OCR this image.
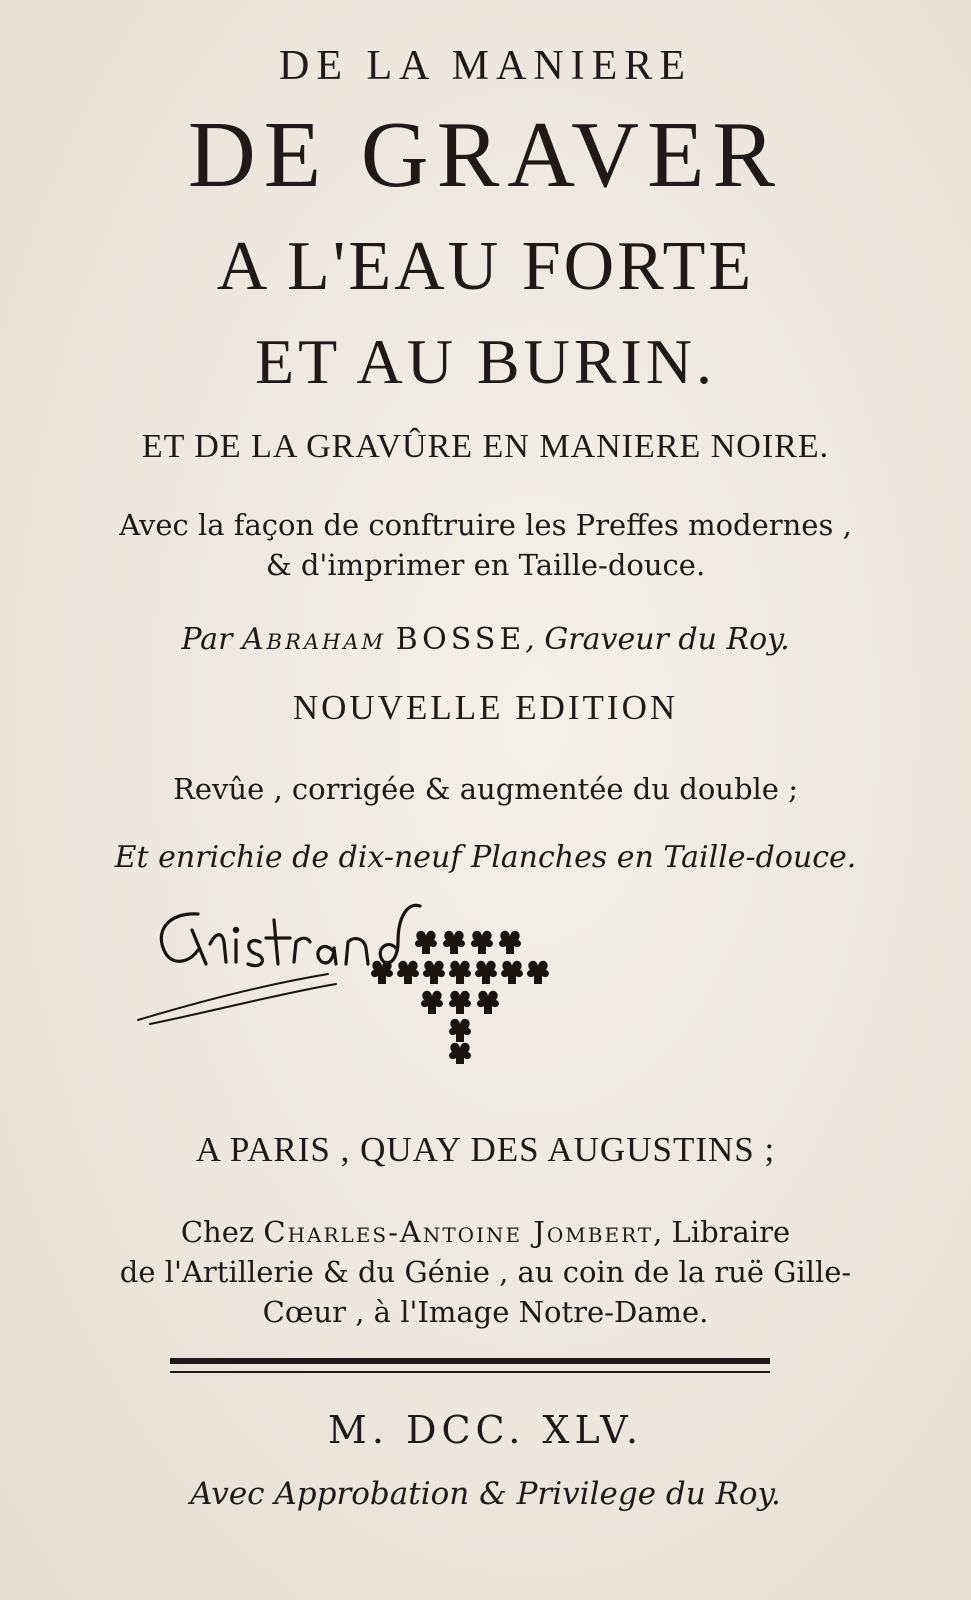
DE LA MANIERE
DE GRAVER
A L'EAU FORTE
ET AU BURIN.
ET DE LA GRAVÛRE EN MANIERE NOIRE.
Avec la façon de conftruire les Preffes modernes ,
& d'imprimer en Taille-douce.
Par Abraham BOSSE, Graveur du Roy.
NOUVELLE EDITION
Revûe , corrigée & augmentée du double ;
Et enrichie de dix-neuf Planches en Taille-douce.
A PARIS , QUAY DES AUGUSTINS ;
Chez Charles-Antoine Jombert, Libraire
de l'Artillerie & du Génie , au coin de la ruë Gille-
Cœur , à l'Image Notre-Dame.
M. DCC. XLV.
Avec Approbation & Privilege du Roy.
